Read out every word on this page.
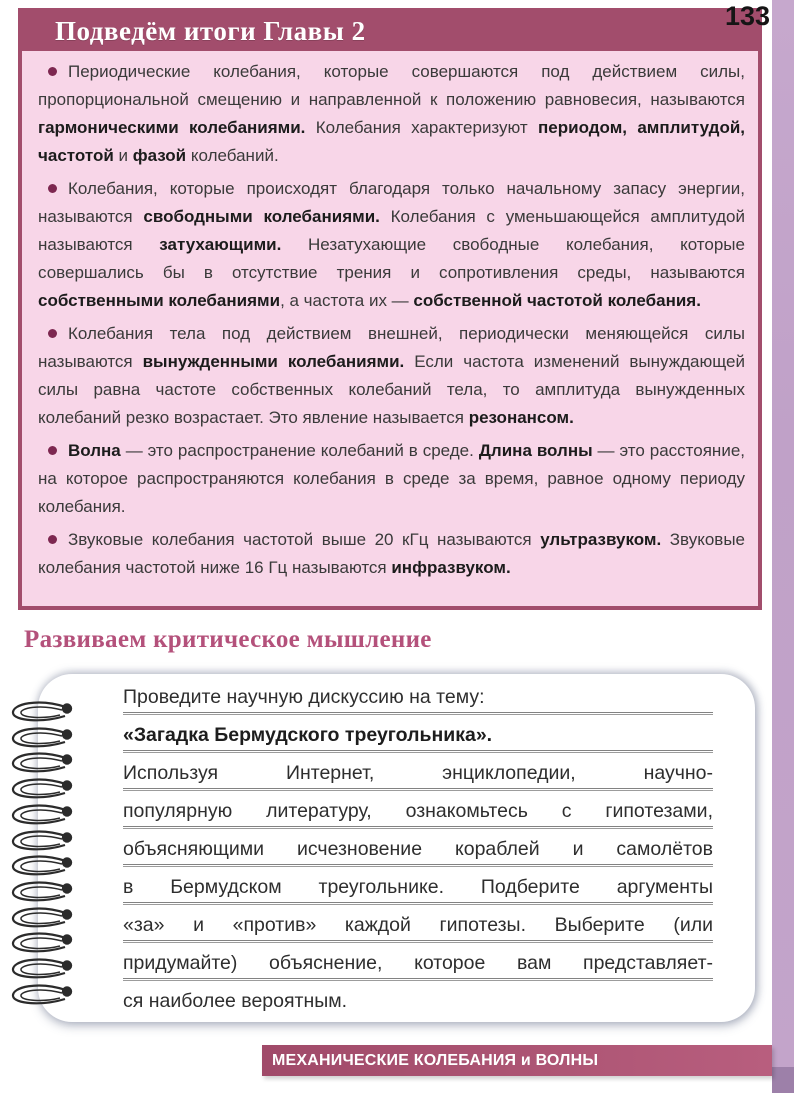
Подведём итоги Главы 2

Периодические колебания, которые совершаются под действием силы, пропорциональной смещению и направленной к положению равновесия, называются гармоническими колебаниями. Колебания характеризуют периодом, амплитудой, частотой и фазой колебаний.

Колебания, которые происходят благодаря только начальному запасу энергии, называются свободными колебаниями. Колебания с уменьшающейся амплитудой называются затухающими. Незатухающие свободные колебания, которые совершались бы в отсутствие трения и сопротивления среды, называются собственными колебаниями, а частота их — собственной частотой колебания.

Колебания тела под действием внешней, периодически меняющейся силы называются вынужденными колебаниями. Если частота изменений вынуждающей силы равна частоте собственных колебаний тела, то амплитуда вынужденных колебаний резко возрастает. Это явление называется резонансом.

Волна — это распространение колебаний в среде. Длина волны — это расстояние, на которое распространяются колебания в среде за время, равное одному периоду колебания.

Звуковые колебания частотой выше 20 кГц называются ультразвуком. Звуковые колебания частотой ниже 16 Гц называются инфразвуком.

Развиваем критическое мышление
Проведите научную дискуссию на тему:
«Загадка Бермудского треугольника».
Используя Интернет, энциклопедии, научно-
популярную литературу, ознакомьтесь с гипотезами,
объясняющими исчезновение кораблей и самолётов
в Бермудском треугольнике. Подберите аргументы
«за» и «против» каждой гипотезы. Выберите (или
придумайте) объяснение, которое вам представляет-
ся наиболее вероятным.
МЕХАНИЧЕСКИЕ КОЛЕБАНИЯ и ВОЛНЫ
133
